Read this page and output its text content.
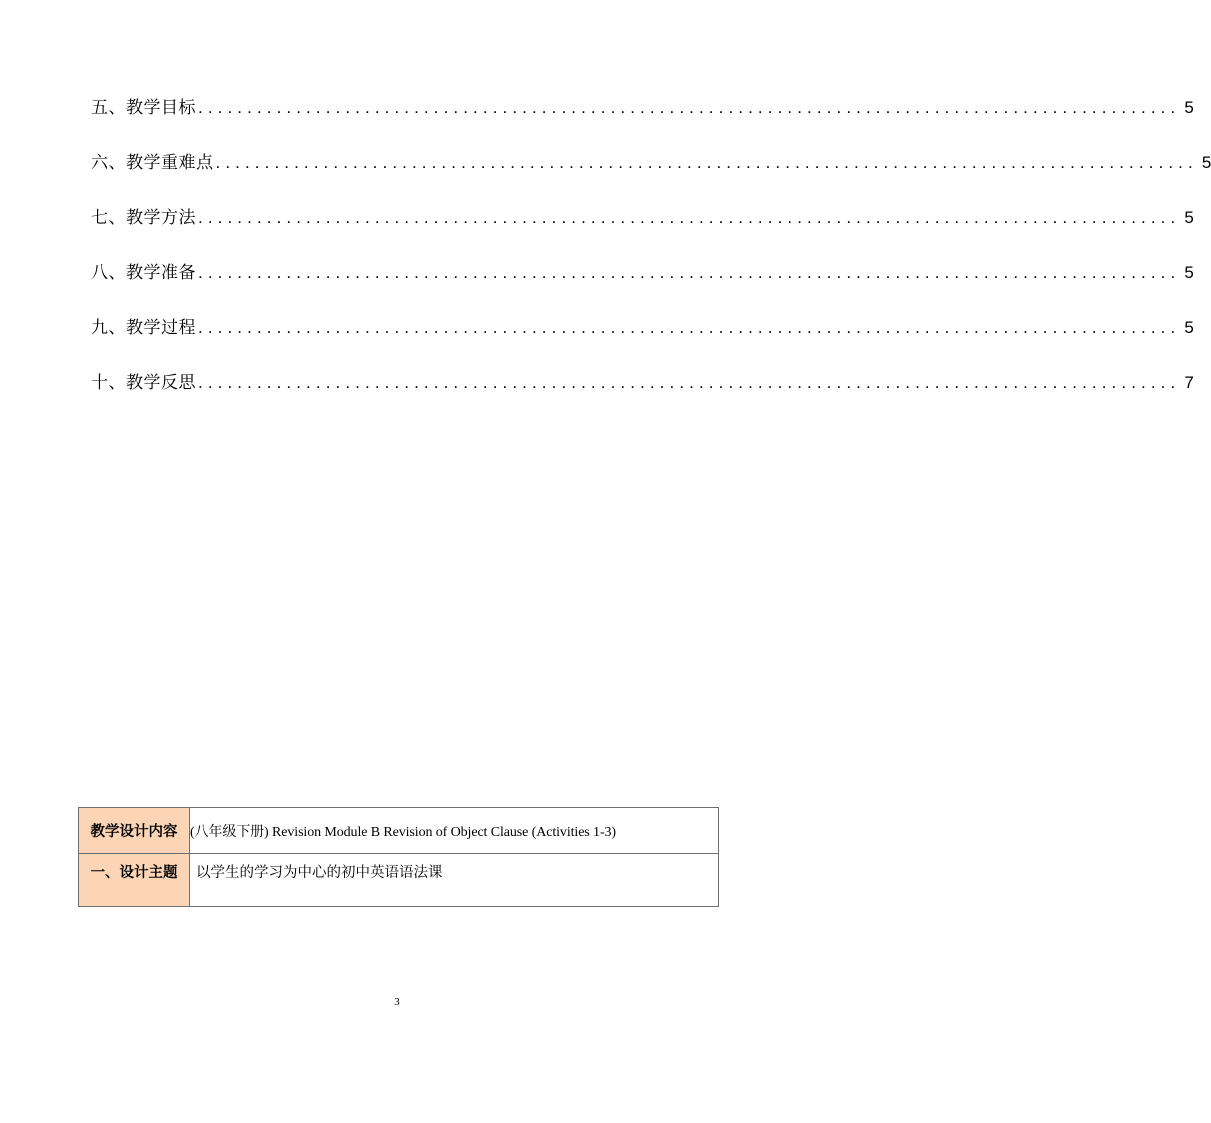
五、教学目标 .................................................................................................... 5
六、教学重难点 .................................................................................................... 5
七、教学方法 .................................................................................................... 5
八、教学准备 .................................................................................................... 5
九、教学过程 .................................................................................................... 5
十、教学反思 .................................................................................................... 7
教学设计内容	(八年级下册) Revision Module B Revision of Object Clause (Activities 1-3)
一、设计主题	以学生的学习为中心的初中英语语法课
3
